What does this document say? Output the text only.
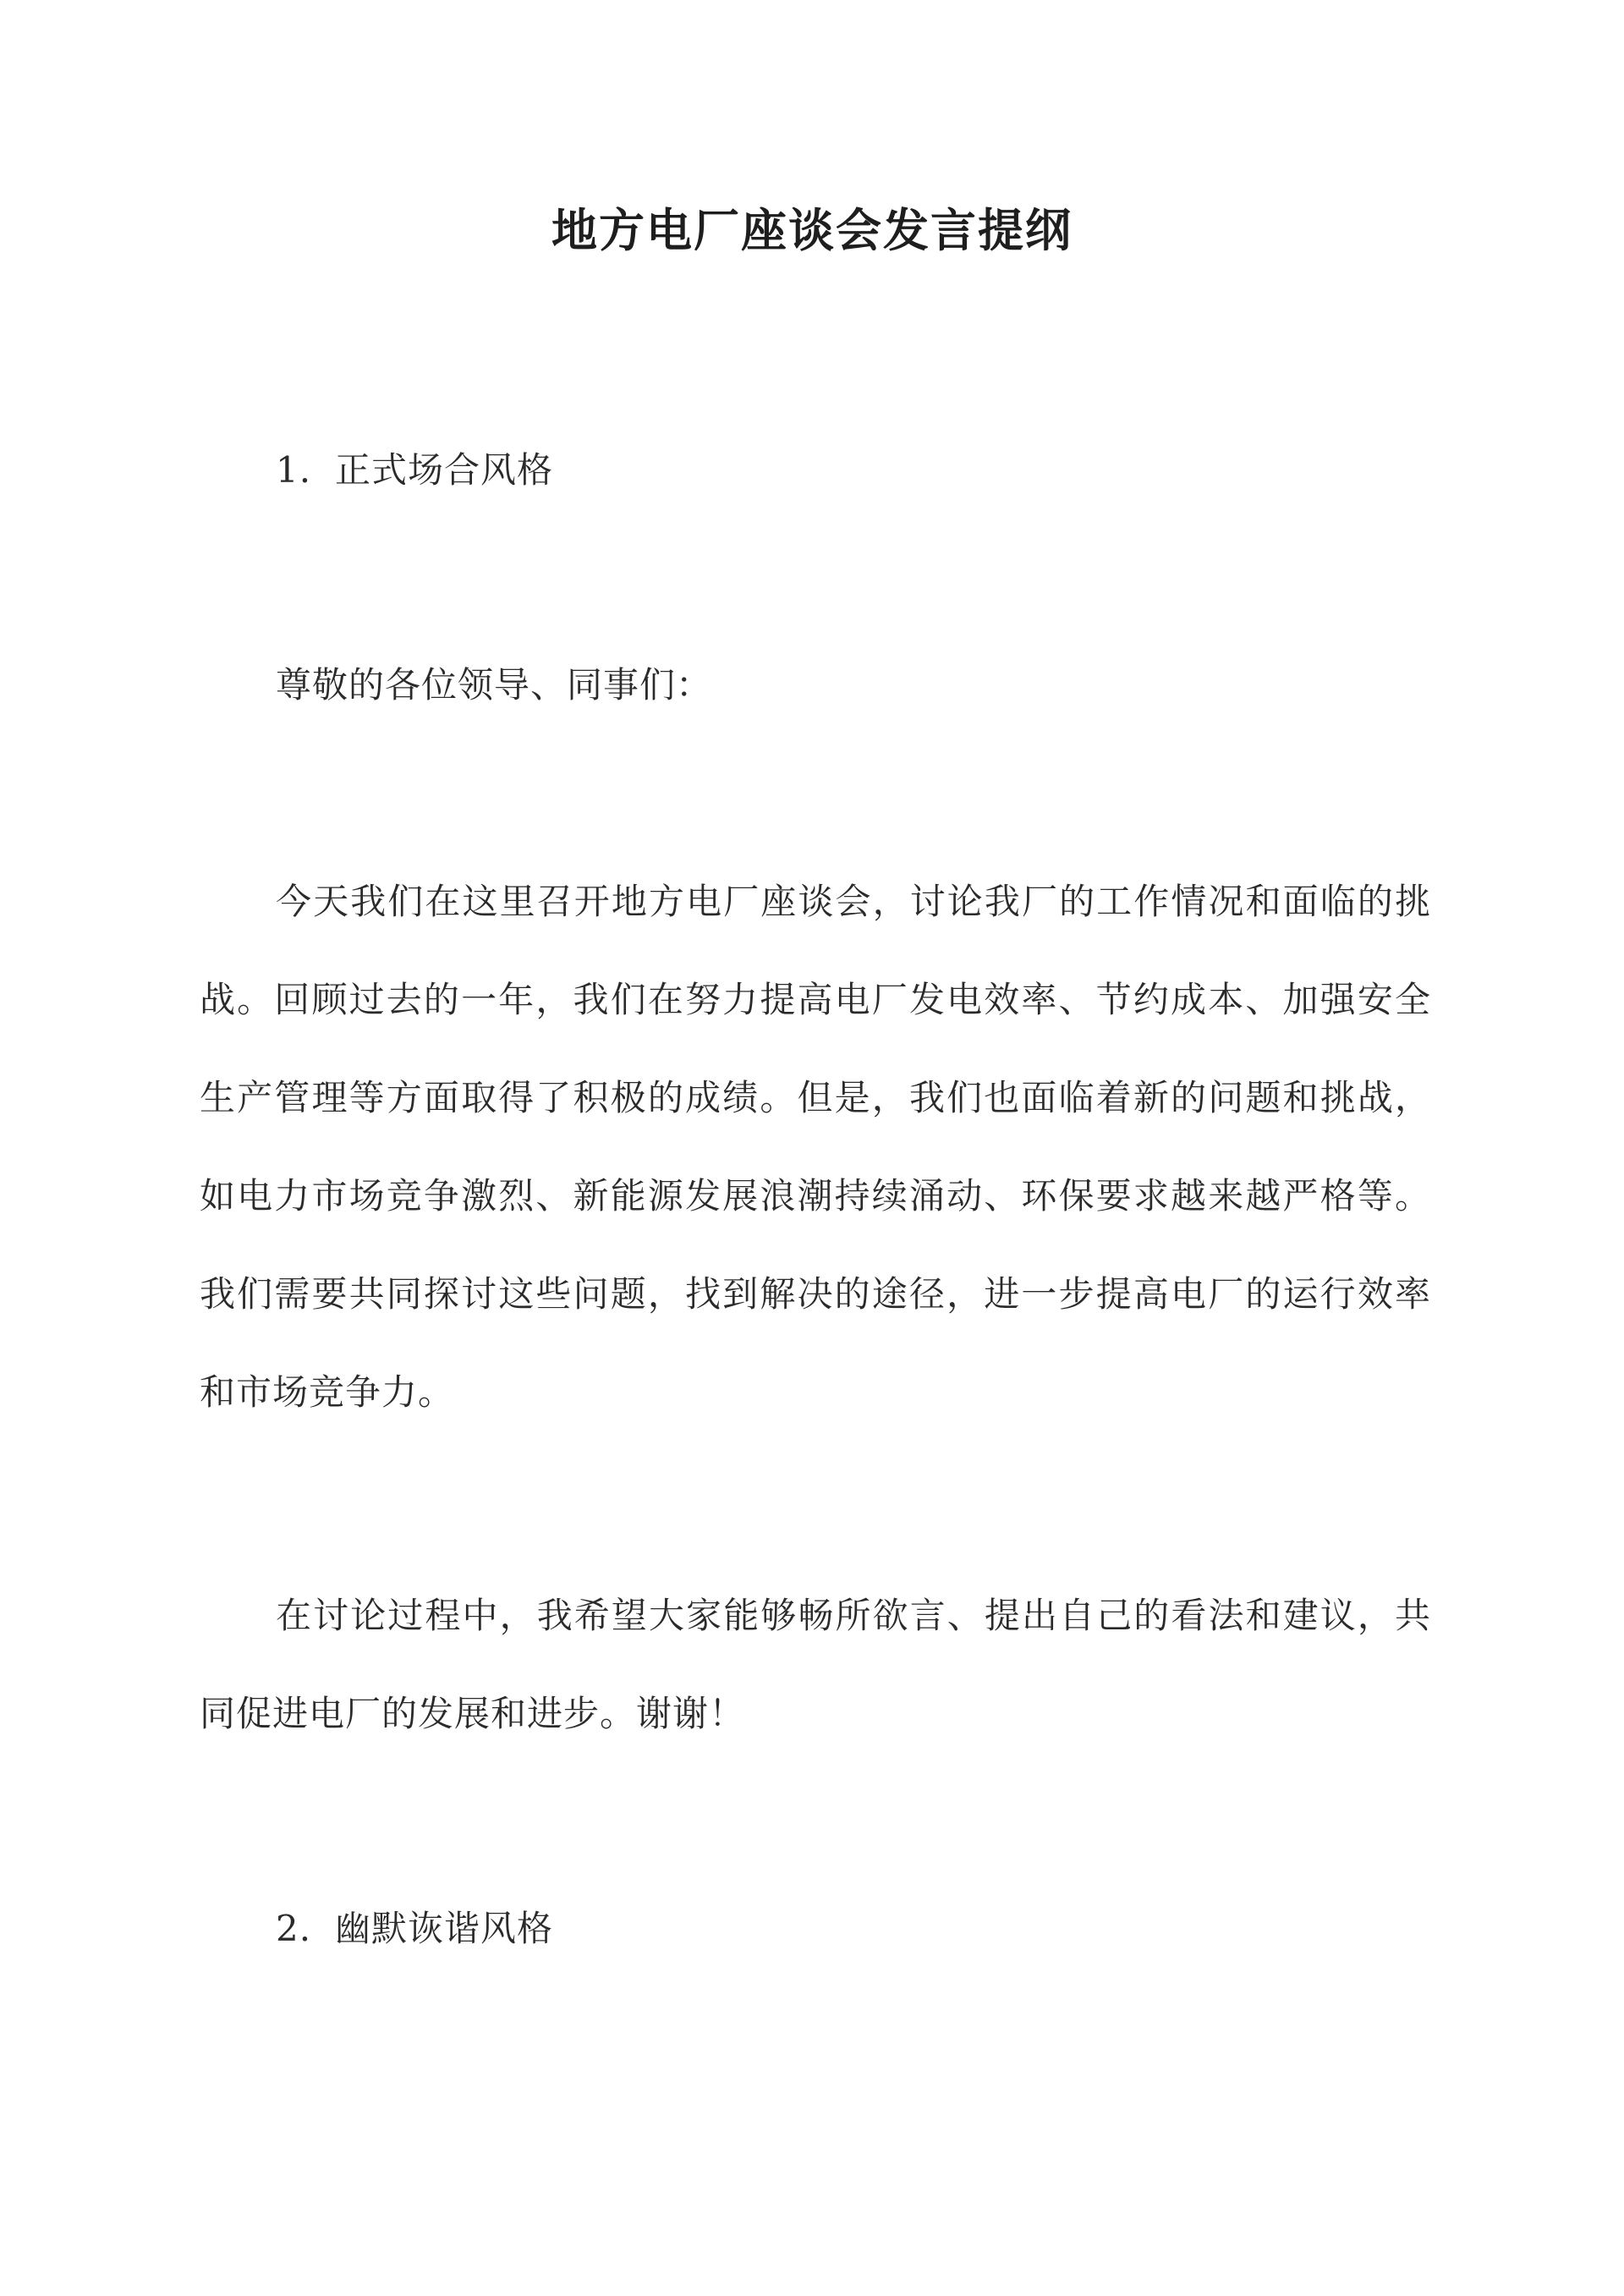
地方电厂座谈会发言提纲

1. 正式场合风格

尊敬的各位领导、同事们：

今天我们在这里召开地方电厂座谈会，讨论我厂的工作情况和面临的挑战。回顾过去的一年，我们在努力提高电厂发电效率、节约成本、加强安全生产管理等方面取得了积极的成绩。但是，我们也面临着新的问题和挑战，如电力市场竞争激烈、新能源发展浪潮持续涌动、环保要求越来越严格等。我们需要共同探讨这些问题，找到解决的途径，进一步提高电厂的运行效率和市场竞争力。

在讨论过程中，我希望大家能够畅所欲言、提出自己的看法和建议，共同促进电厂的发展和进步。谢谢！

2. 幽默诙谐风格
